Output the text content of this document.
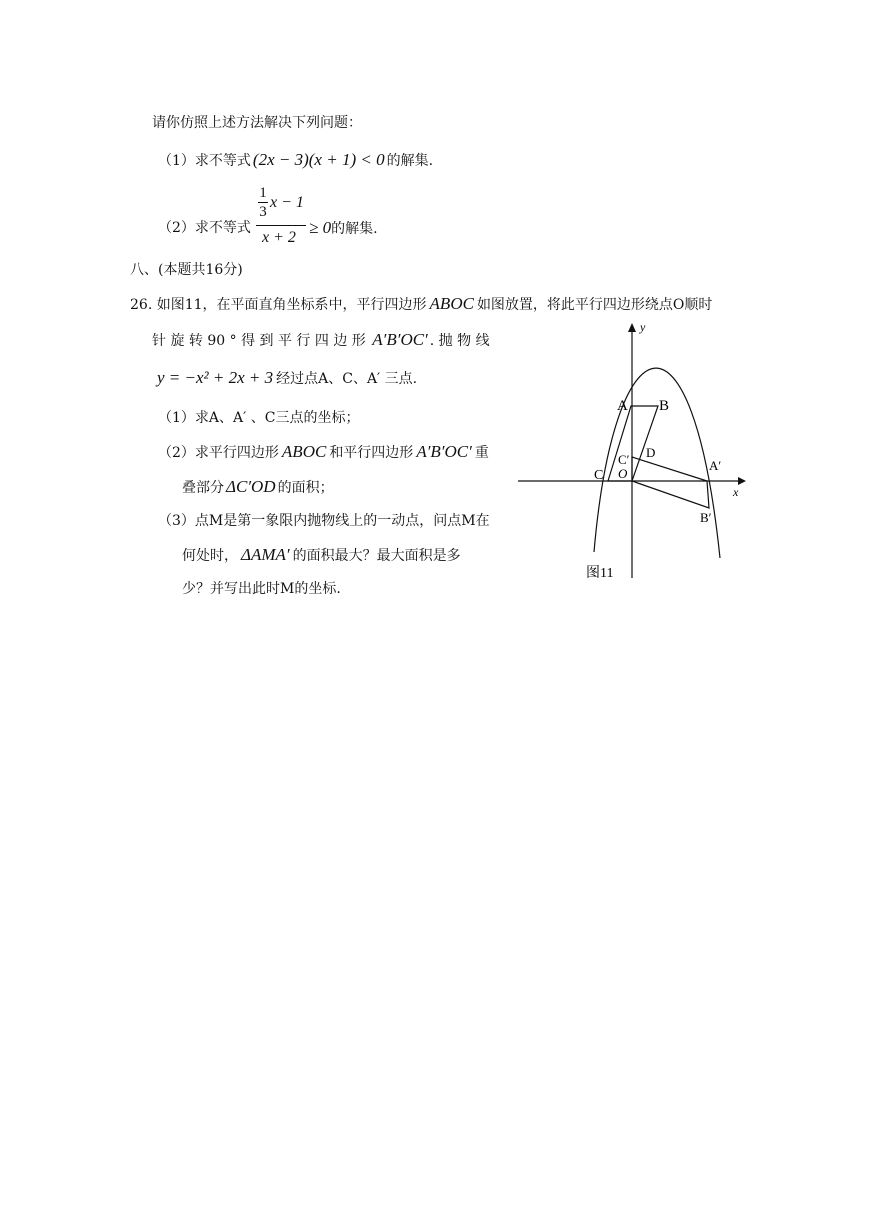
请你仿照上述方法解决下列问题：
（1）求不等式 (2x − 3)(x + 1) < 0 的解集.
（2）求不等式
1
3
x − 1
x + 2
≥ 0的解集.
八、(本题共16分)
26. 如图11，在平面直角坐标系中，平行四边形 ABOC 如图放置，将此平行四边形绕点O顺时
针 旋 转 90 ° 得 到 平 行 四 边 形 A′B′OC′ . 抛 物 线
y = −x² + 2x + 3 经过点A、C、A′ 三点.
（1）求A、A′ 、C三点的坐标；
（2）求平行四边形 ABOC 和平行四边形 A′B′OC′ 重
叠部分 ΔC′OD 的面积；
（3）点M是第一象限内抛物线上的一动点，问点M在
何处时， ΔAMA′ 的面积最大？最大面积是多
少？并写出此时M的坐标.
y
x
A B
C O
D
C′	A′
B′
图11
